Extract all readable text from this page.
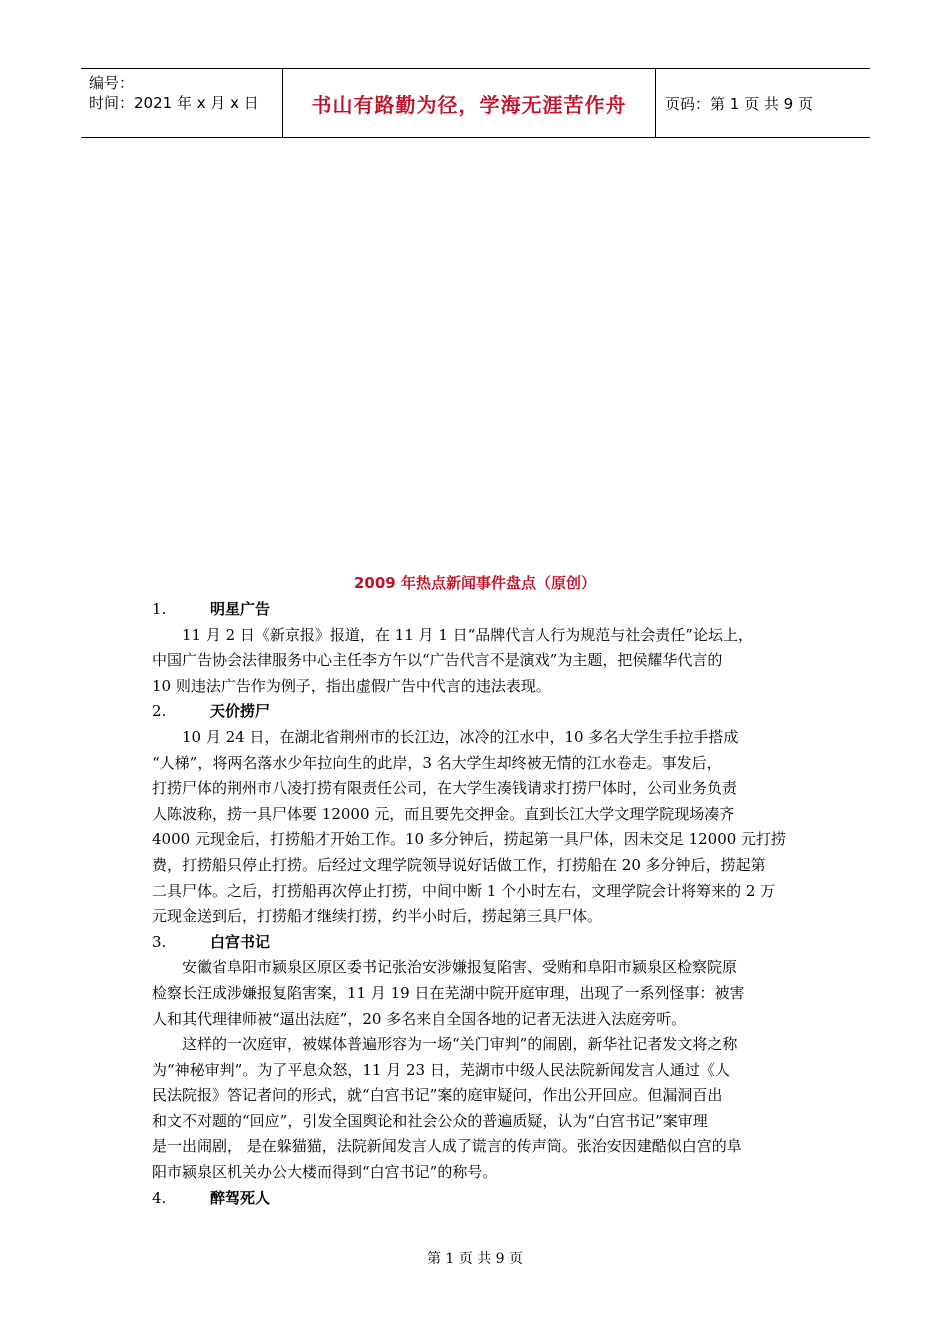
编号：
时间：2021 年 x 月 x 日	书山有路勤为径，学海无涯苦作舟	页码：第 1 页 共 9 页
2009 年热点新闻事件盘点（原创）
1.	明星广告
11 月 2 日《新京报》报道，在 11 月 1 日“品牌代言人行为规范与社会责任”论坛上，
中国广告协会法律服务中心主任李方午以“广告代言不是演戏”为主题，把侯耀华代言的
10 则违法广告作为例子，指出虚假广告中代言的违法表现。
2.	天价捞尸
10 月 24 日，在湖北省荆州市的长江边，冰冷的江水中，10 多名大学生手拉手搭成
“人梯”，将两名落水少年拉向生的此岸，3 名大学生却终被无情的江水卷走。事发后，
打捞尸体的荆州市八凌打捞有限责任公司，在大学生凑钱请求打捞尸体时，公司业务负责
人陈波称，捞一具尸体要 12000 元，而且要先交押金。直到长江大学文理学院现场凑齐
4000 元现金后，打捞船才开始工作。10 多分钟后，捞起第一具尸体，因未交足 12000 元打捞
费，打捞船只停止打捞。后经过文理学院领导说好话做工作，打捞船在 20 多分钟后，捞起第
二具尸体。之后，打捞船再次停止打捞，中间中断 1 个小时左右，文理学院会计将筹来的 2 万
元现金送到后，打捞船才继续打捞，约半小时后，捞起第三具尸体。
3.	白宫书记
安徽省阜阳市颍泉区原区委书记张治安涉嫌报复陷害、受贿和阜阳市颍泉区检察院原
检察长汪成涉嫌报复陷害案，11 月 19 日在芜湖中院开庭审理，出现了一系列怪事：被害
人和其代理律师被“逼出法庭”，20 多名来自全国各地的记者无法进入法庭旁听。
这样的一次庭审，被媒体普遍形容为一场“关门审判”的闹剧，新华社记者发文将之称
为“神秘审判”。为了平息众怒，11 月 23 日，芜湖市中级人民法院新闻发言人通过《人
民法院报》答记者问的形式，就“白宫书记”案的庭审疑问，作出公开回应。但漏洞百出
和文不对题的“回应”，引发全国舆论和社会公众的普遍质疑，认为“白宫书记”案审理
是一出闹剧， 是在躲猫猫，法院新闻发言人成了谎言的传声筒。张治安因建酷似白宫的阜
阳市颍泉区机关办公大楼而得到“白宫书记”的称号。
4.	醉驾死人
第 1 页 共 9 页
